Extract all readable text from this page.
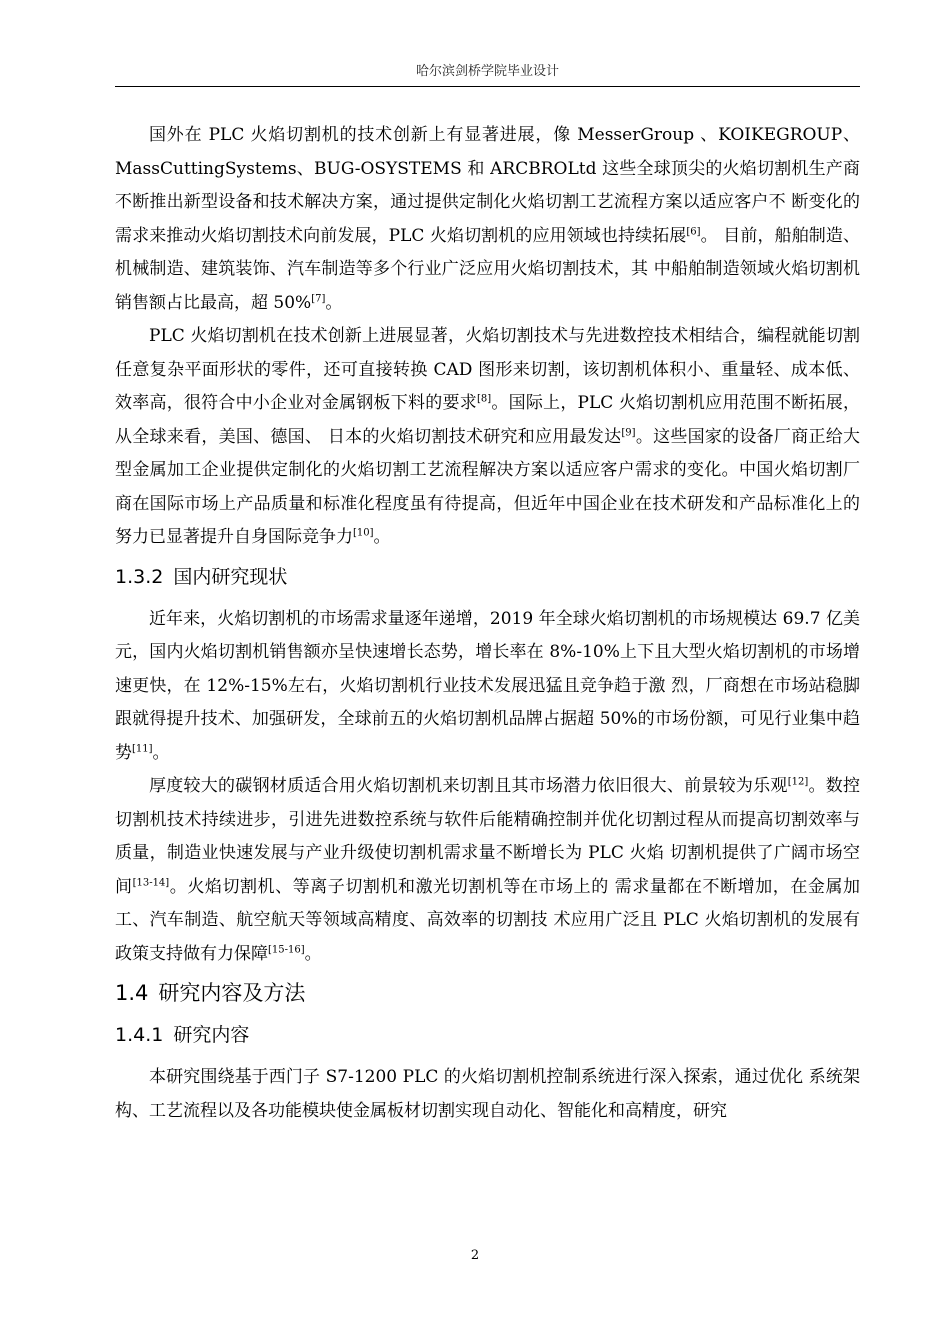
哈尔滨剑桥学院毕业设计

国外在 PLC 火焰切割机的技术创新上有显著进展，像 MesserGroup 、KOIKEGROUP、 MassCuttingSystems、BUG-OSYSTEMS 和 ARCBROLtd 这些全球顶尖的火焰切割机生产商 不断推出新型设备和技术解决方案，通过提供定制化火焰切割工艺流程方案以适应客户不 断变化的需求来推动火焰切割技术向前发展，PLC 火焰切割机的应用领域也持续拓展[6]。 目前，船舶制造、机械制造、建筑装饰、汽车制造等多个行业广泛应用火焰切割技术，其 中船舶制造领域火焰切割机销售额占比最高，超 50%[7]。

PLC 火焰切割机在技术创新上进展显著，火焰切割技术与先进数控技术相结合，编程就能切割任意复杂平面形状的零件，还可直接转换 CAD 图形来切割，该切割机体积小、重量轻、成本低、效率高，很符合中小企业对金属钢板下料的要求[8]。国际上，PLC 火焰切割机应用范围不断拓展，从全球来看，美国、德国、 日本的火焰切割技术研究和应用最发达[9]。这些国家的设备厂商正给大型金属加工企业提供定制化的火焰切割工艺流程解决方案以适应客户需求的变化。中国火焰切割厂商在国际市场上产品质量和标准化程度虽有待提高，但近年中国企业在技术研发和产品标准化上的努力已显著提升自身国际竞争力[10]。

1.3.2 国内研究现状

近年来，火焰切割机的市场需求量逐年递增，2019 年全球火焰切割机的市场规模达 69.7 亿美元，国内火焰切割机销售额亦呈快速增长态势，增长率在 8%-10%上下且大型火焰切割机的市场增速更快，在 12%-15%左右，火焰切割机行业技术发展迅猛且竞争趋于激 烈，厂商想在市场站稳脚跟就得提升技术、加强研发，全球前五的火焰切割机品牌占据超 50%的市场份额，可见行业集中趋势[11]。

厚度较大的碳钢材质适合用火焰切割机来切割且其市场潜力依旧很大、前景较为乐观[12]。数控切割机技术持续进步，引进先进数控系统与软件后能精确控制并优化切割过程从而提高切割效率与质量，制造业快速发展与产业升级使切割机需求量不断增长为 PLC 火焰 切割机提供了广阔市场空间[13-14]。火焰切割机、等离子切割机和激光切割机等在市场上的 需求量都在不断增加，在金属加工、汽车制造、航空航天等领域高精度、高效率的切割技 术应用广泛且 PLC 火焰切割机的发展有政策支持做有力保障[15-16]。

1.4 研究内容及方法
1.4.1 研究内容

本研究围绕基于西门子 S7-1200 PLC 的火焰切割机控制系统进行深入探索，通过优化 系统架构、工艺流程以及各功能模块使金属板材切割实现自动化、智能化和高精度，研究

2
